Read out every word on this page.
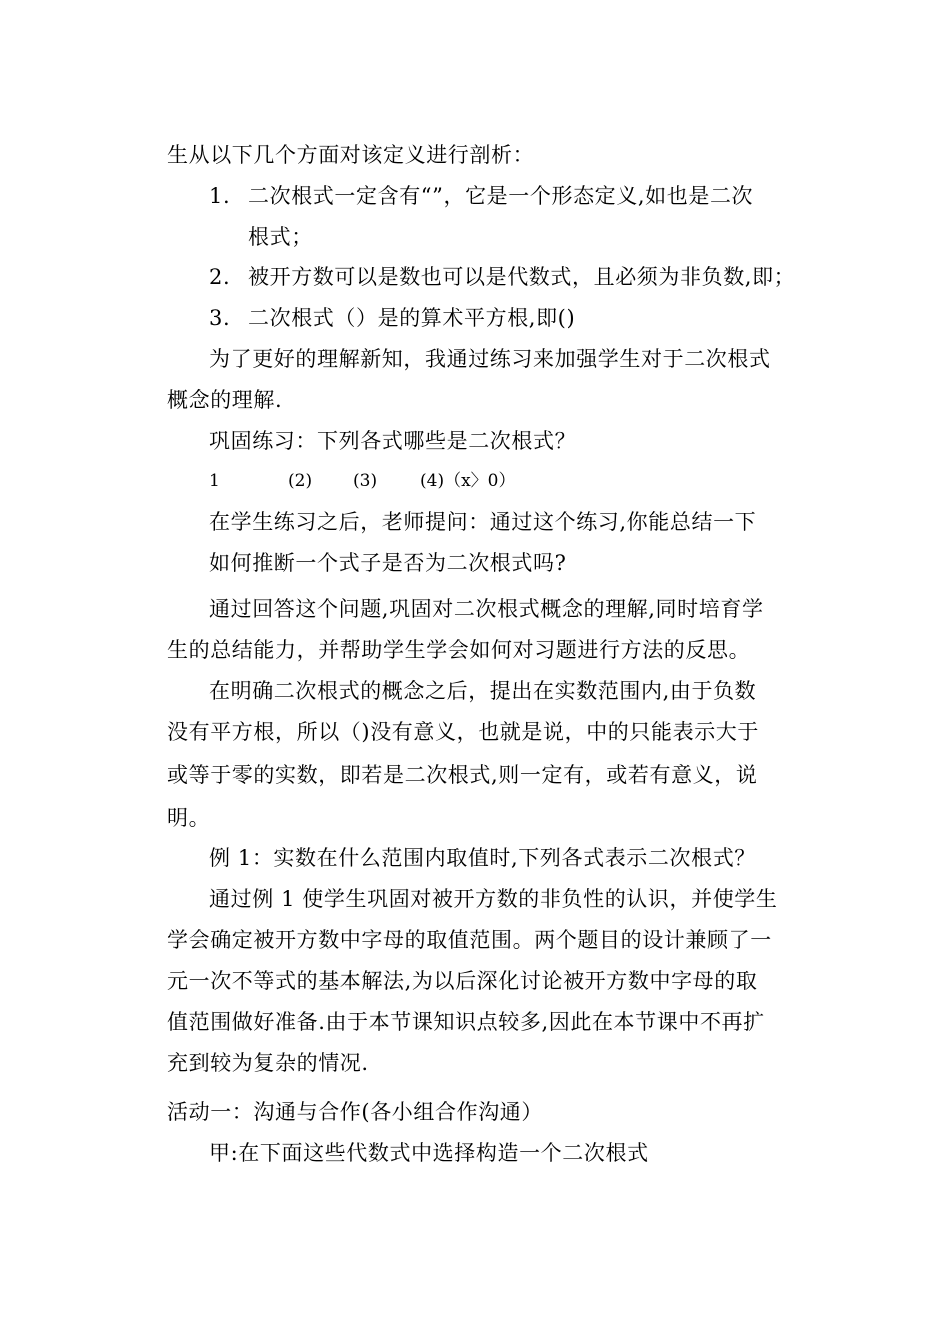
生从以下几个方面对该定义进行剖析：
1. 二次根式一定含有“”，它是一个形态定义,如也是二次
根式；
2. 被开方数可以是数也可以是代数式，且必须为非负数,即；
3. 二次根式（）是的算术平方根,即()
为了更好的理解新知，我通过练习来加强学生对于二次根式
概念的理解.
巩固练习：下列各式哪些是二次根式？
1	(2) (3)	(4)（x〉0）
在学生练习之后，老师提问：通过这个练习,你能总结一下
如何推断一个式子是否为二次根式吗?
通过回答这个问题,巩固对二次根式概念的理解,同时培育学
生的总结能力，并帮助学生学会如何对习题进行方法的反思。
在明确二次根式的概念之后，提出在实数范围内,由于负数
没有平方根，所以（)没有意义，也就是说，中的只能表示大于
或等于零的实数，即若是二次根式,则一定有，或若有意义，说
明。
例 1：实数在什么范围内取值时,下列各式表示二次根式？
通过例 1 使学生巩固对被开方数的非负性的认识，并使学生
学会确定被开方数中字母的取值范围。两个题目的设计兼顾了一
元一次不等式的基本解法,为以后深化讨论被开方数中字母的取
值范围做好准备.由于本节课知识点较多,因此在本节课中不再扩
充到较为复杂的情况.
活动一：沟通与合作(各小组合作沟通）
甲:在下面这些代数式中选择构造一个二次根式
